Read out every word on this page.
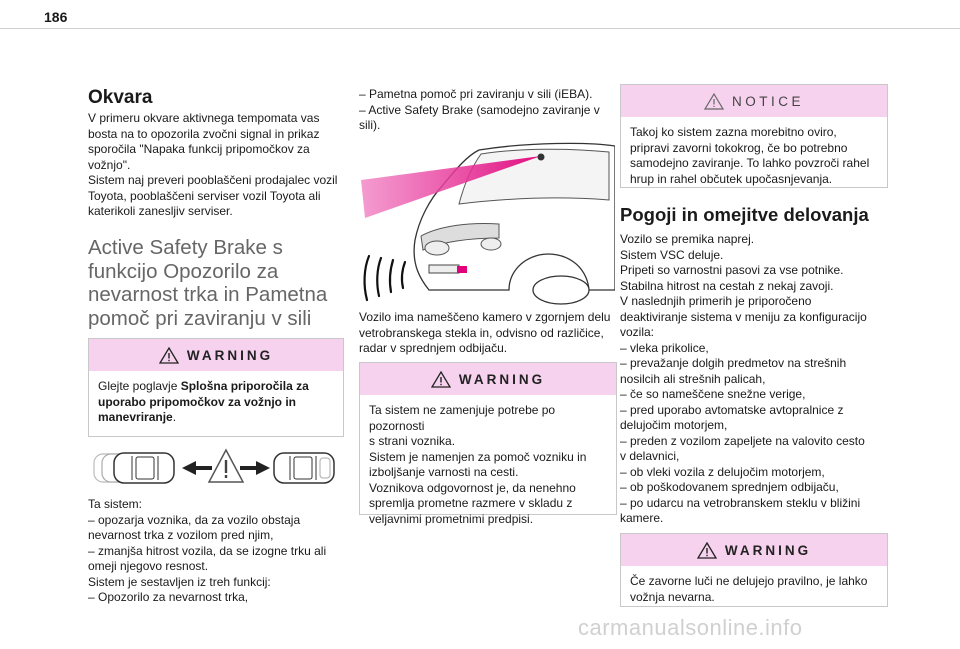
186
Okvara

V primeru okvare aktivnega tempomata vas
bosta na to opozorila zvočni signal in prikaz
sporočila "Napaka funkcij pripomočkov za
vožnjo".
Sistem naj preveri pooblaščeni prodajalec vozil
Toyota, pooblaščeni serviser vozil Toyota ali
katerikoli zanesljiv serviser.

Active Safety Brake s
funkcijo Opozorilo za
nevarnost trka in Pametna
pomoč pri zaviranju v sili
WARNING
Glejte poglavje Splošna priporočila za uporabo pripomočkov za vožnjo in manevriranje.

Ta sistem:
– opozarja voznika, da za vozilo obstaja
nevarnost trka z vozilom pred njim,
– zmanjša hitrost vozila, da se izogne trku ali
omeji njegovo resnost.
Sistem je sestavljen iz treh funkcij:
– Opozorilo za nevarnost trka,

– Pametna pomoč pri zaviranju v sili (iEBA).
– Active Safety Brake (samodejno zaviranje v
sili).

Vozilo ima nameščeno kamero v zgornjem delu
vetrobranskega stekla in, odvisno od različice,
radar v sprednjem odbijaču.

WARNING
Ta sistem ne zamenjuje potrebe po pozornosti
s strani voznika.
Sistem je namenjen za pomoč vozniku in
izboljšanje varnosti na cesti.
Voznikova odgovornost je, da nenehno
spremlja prometne razmere v skladu z
veljavnimi prometnimi predpisi.
NOTICE
Takoj ko sistem zazna morebitno oviro,
pripravi zavorni tokokrog, če bo potrebno
samodejno zaviranje. To lahko povzroči rahel
hrup in rahel občutek upočasnjevanja.
Pogoji in omejitve delovanja

Vozilo se premika naprej.
Sistem VSC deluje.
Pripeti so varnostni pasovi za vse potnike.
Stabilna hitrost na cestah z nekaj zavoji.
V naslednjih primerih je priporočeno
deaktiviranje sistema v meniju za konfiguracijo
vozila:
– vleka prikolice,
– prevažanje dolgih predmetov na strešnih
nosilcih ali strešnih palicah,
– če so nameščene snežne verige,
– pred uporabo avtomatske avtopralnice z
delujočim motorjem,
– preden z vozilom zapeljete na valovito cesto
v delavnici,
– ob vleki vozila z delujočim motorjem,
– ob poškodovanem sprednjem odbijaču,
– po udarcu na vetrobranskem steklu v bližini
kamere.

WARNING
Če zavorne luči ne delujejo pravilno, je lahko
vožnja nevarna.
carmanualsonline.info
